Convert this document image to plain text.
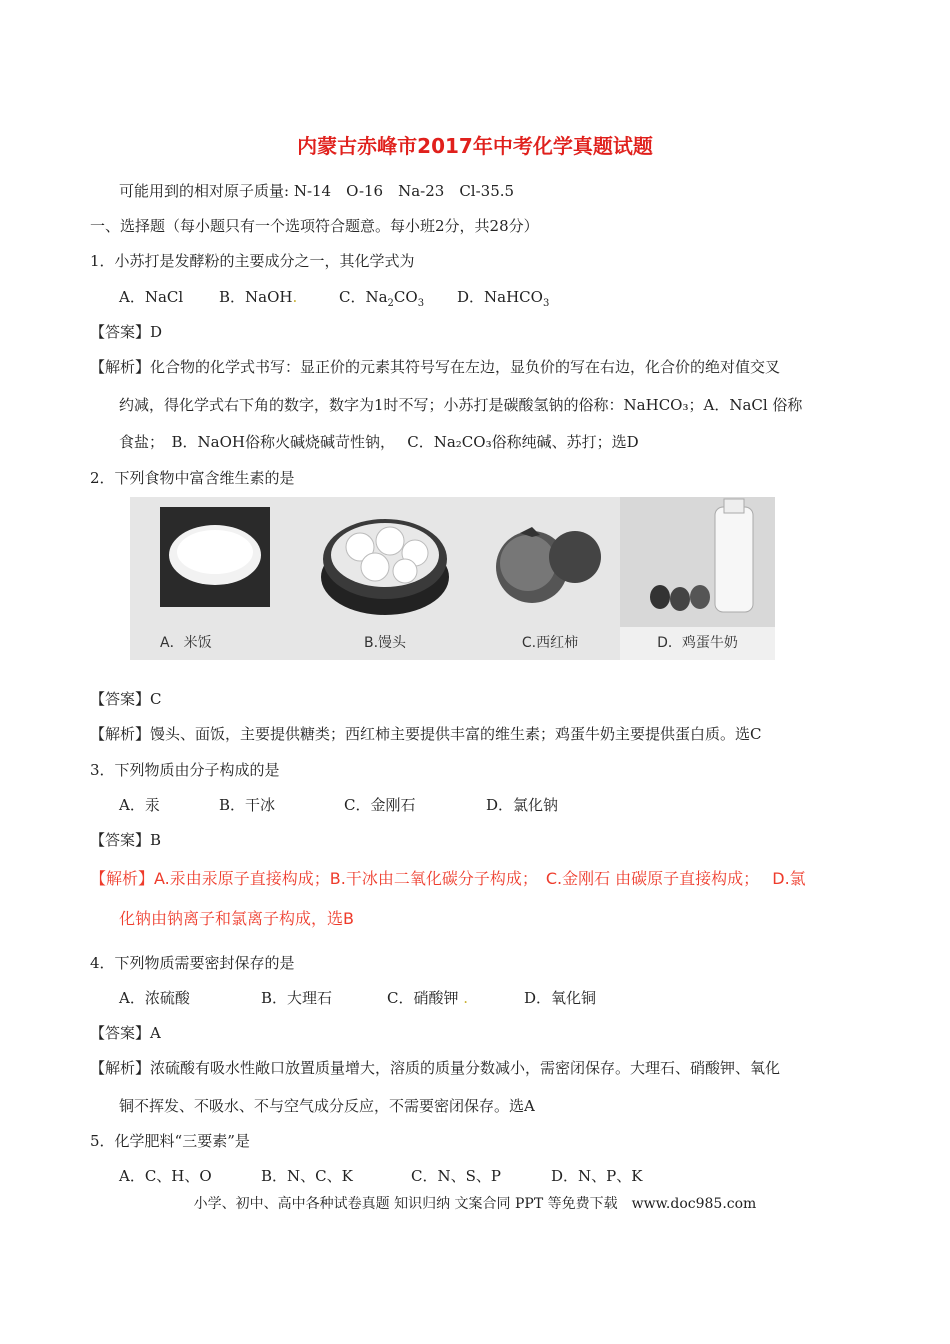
内蒙古赤峰市2017年中考化学真题试题
可能用到的相对原子质量: N-14　O-16　Na-23　Cl-35.5
一、选择题（每小题只有一个选项符合题意。每小班2分，共28分）
1．小苏打是发酵粉的主要成分之一，其化学式为
A．NaCl B．NaOH.	C．$Na_2CO_3$ D．NaHCO$_3$
【答案】D
【解析】化合物的化学式书写：显正价的元素其符号写在左边，显负价的写在右边，化合价的绝对值交叉
约减，得化学式右下角的数字，数字为1时不写；小苏打是碳酸氢钠的俗称：NaHCO₃；A．NaCl 俗称
食盐；　B．NaOH俗称火碱烧碱苛性钠，　 C．Na₂CO₃俗称纯碱、苏打；选D
2．下列食物中富含维生素的是
A．米饭	B.馒头	C.西红柿	D．鸡蛋牛奶
【答案】C
【解析】馒头、面饭，主要提供糖类；西红柿主要提供丰富的维生素；鸡蛋牛奶主要提供蛋白质。选C
3．下列物质由分子构成的是
A．汞	B．干冰	C．金刚石	D．氯化钠
【答案】B
【解析】A.汞由汞原子直接构成；B.干冰由二氧化碳分子构成；　C.金刚石 由碳原子直接构成；　 D.氯
化钠由钠离子和氯离子构成，选B
4．下列物质需要密封保存的是
A．浓硫酸	B．大理石	C．硝酸钾 .	D．氧化铜
【答案】A
【解析】浓硫酸有吸水性敞口放置质量增大，溶质的质量分数减小，需密闭保存。大理石、硝酸钾、氧化
铜不挥发、不吸水、不与空气成分反应，不需要密闭保存。选A
5．化学肥料“三要素”是
A．C、H、O	B．N、C、K	C．N、S、P	D．N、P、K
小学、初中、高中各种试卷真题 知识归纳 文案合同 PPT 等免费下载　www.doc985.com
